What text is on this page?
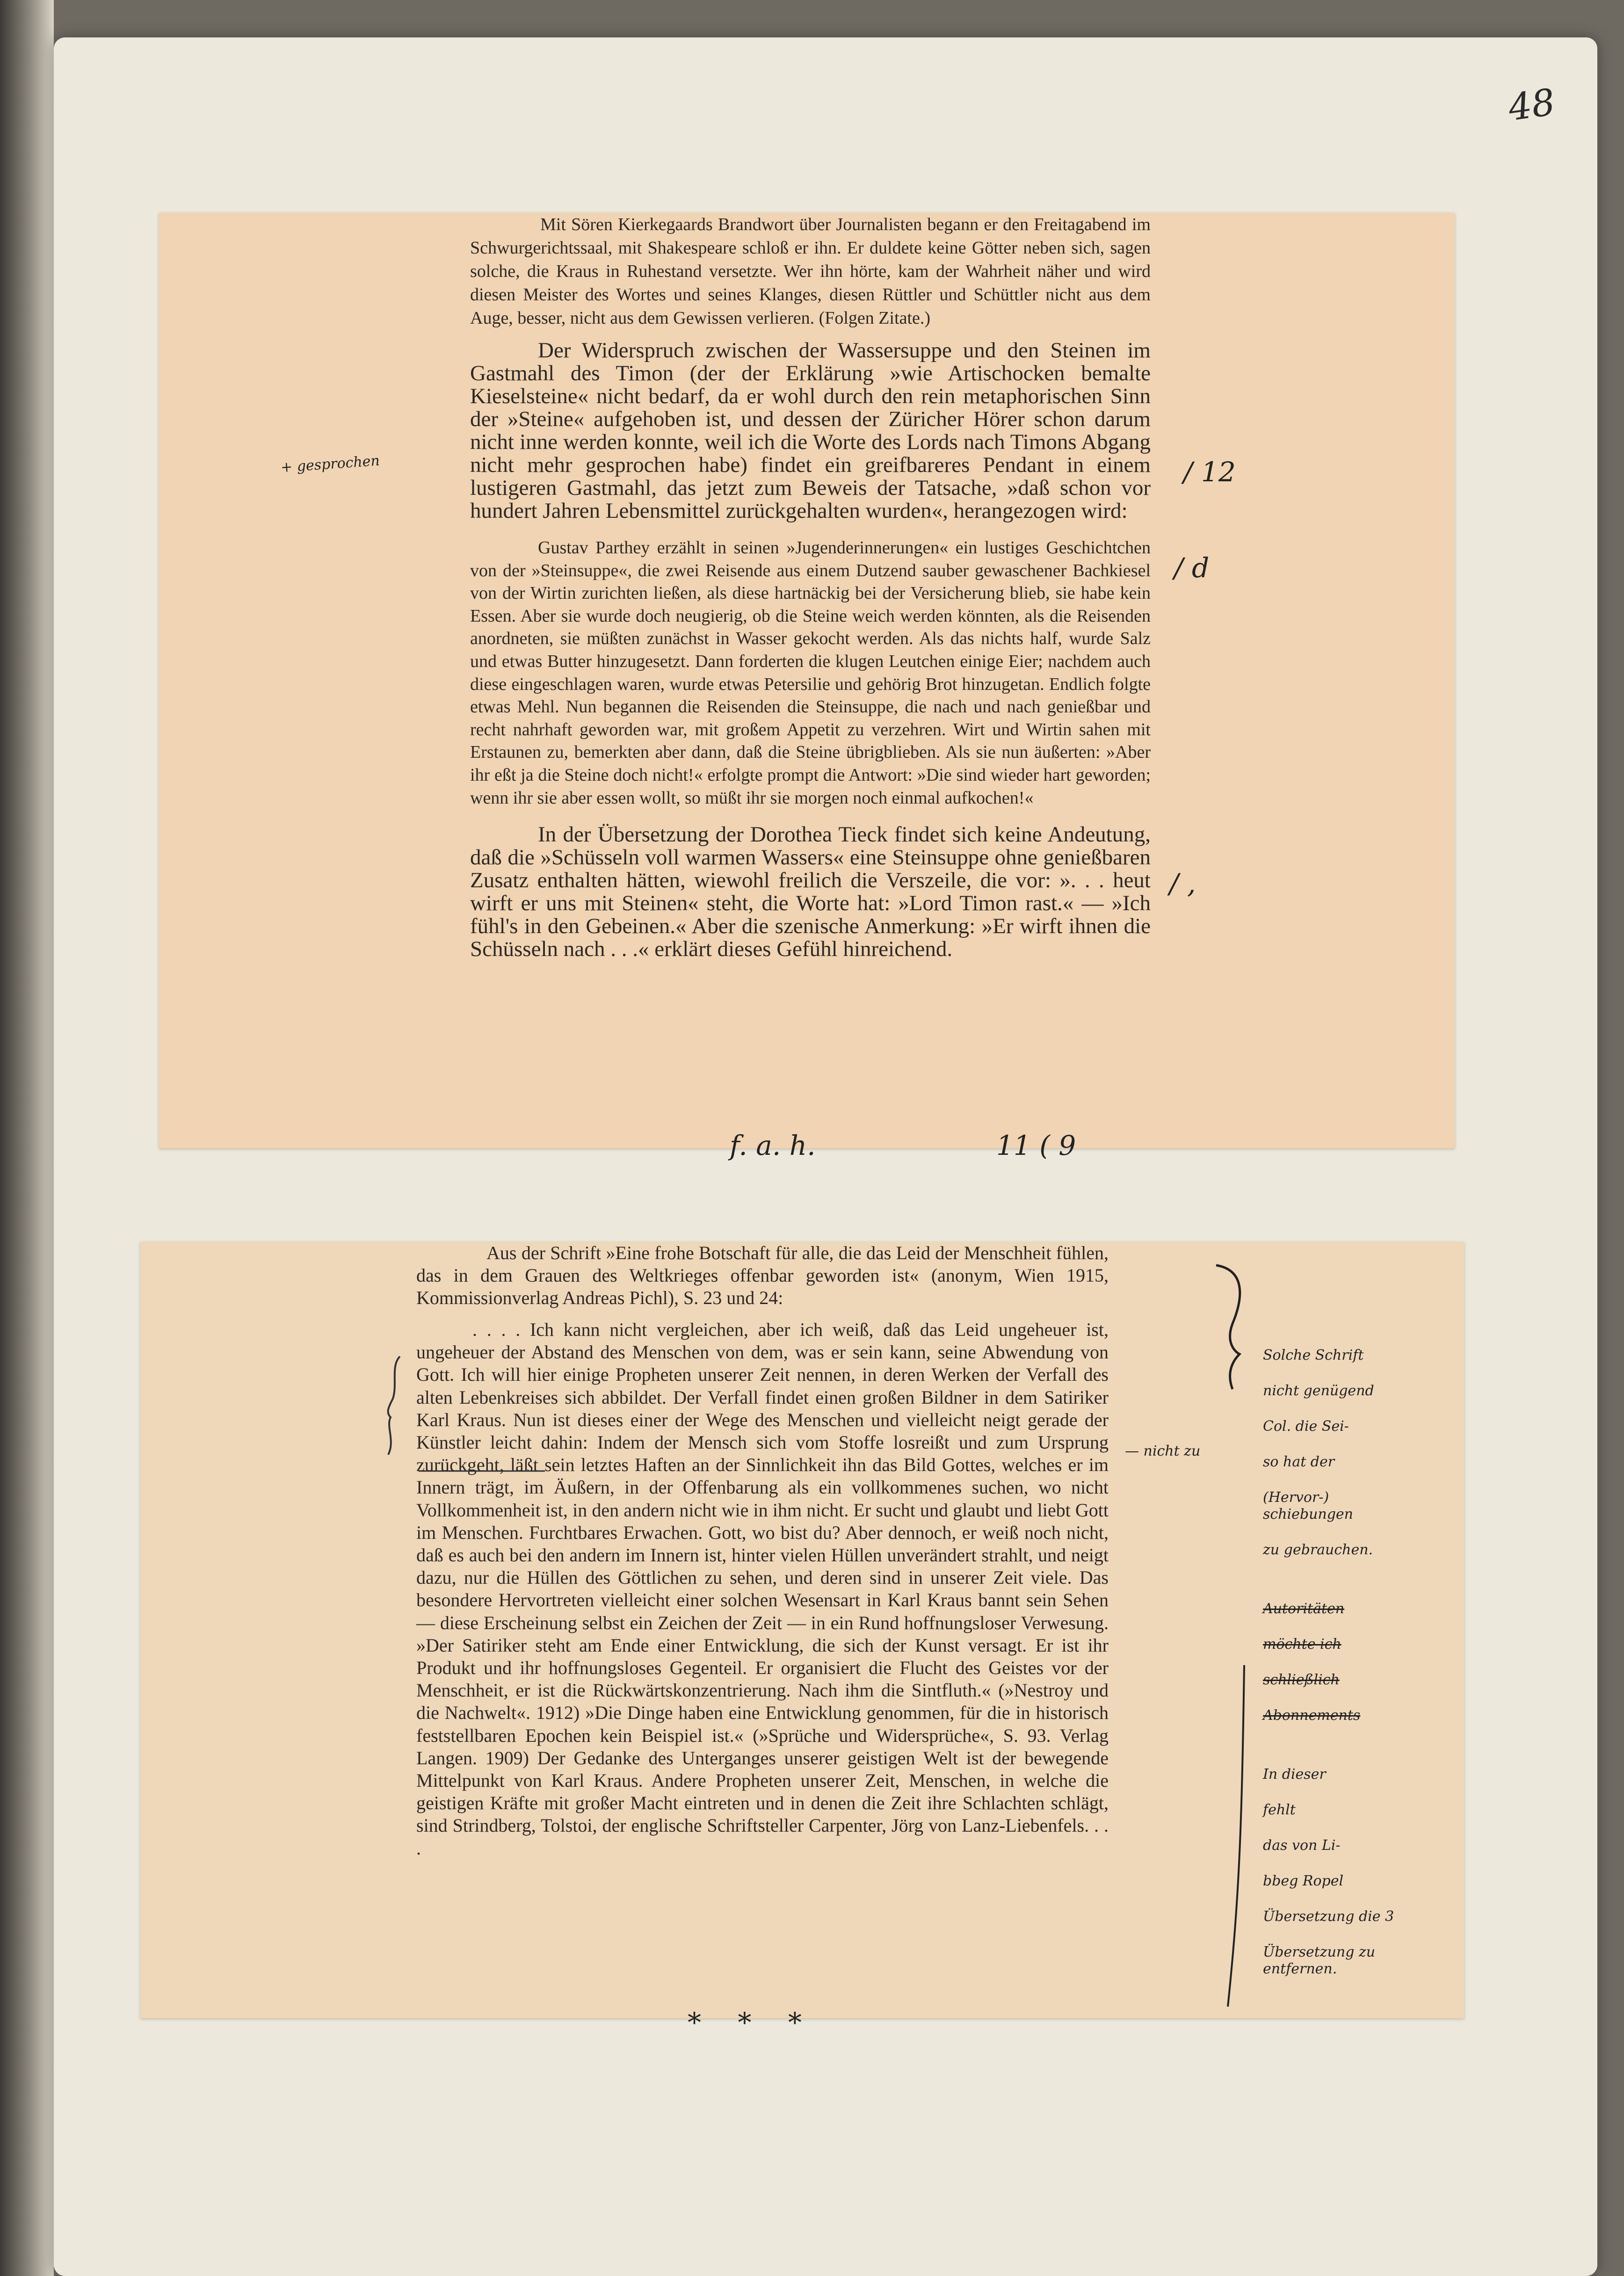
48

Mit Sören Kierkegaards Brandwort über Journalisten begann er den Freitagabend im Schwurgerichtssaal, mit Shakespeare schloß er ihn. Er duldete keine Götter neben sich, sagen solche, die Kraus in Ruhestand versetzte. Wer ihn hörte, kam der Wahrheit näher und wird diesen Meister des Wortes und seines Klanges, diesen Rüttler und Schüttler nicht aus dem Auge, besser, nicht aus dem Gewissen verlieren. (Folgen Zitate.)

Der Widerspruch zwischen der Wassersuppe und den Steinen im Gastmahl des Timon (der der Erklärung »wie Artischocken bemalte Kieselsteine« nicht bedarf, da er wohl durch den rein metaphorischen Sinn der »Steine« aufgehoben ist, und dessen der Züricher Hörer schon darum nicht inne werden konnte, weil ich die Worte des Lords nach Timons Abgang nicht mehr gesprochen habe) findet ein greifbareres Pendant in einem lustigeren Gastmahl, das jetzt zum Beweis der Tatsache, »daß schon vor hundert Jahren Lebensmittel zurückgehalten wurden«, herangezogen wird:

Gustav Parthey erzählt in seinen »Jugenderinnerungen« ein lustiges Geschichtchen von der »Steinsuppe«, die zwei Reisende aus einem Dutzend sauber gewaschener Bachkiesel von der Wirtin zurichten ließen, als diese hartnäckig bei der Versicherung blieb, sie habe kein Essen. Aber sie wurde doch neugierig, ob die Steine weich werden könnten, als die Reisenden anordneten, sie müßten zunächst in Wasser gekocht werden. Als das nichts half, wurde Salz und etwas Butter hinzugesetzt. Dann forderten die klugen Leutchen einige Eier; nachdem auch diese eingeschlagen waren, wurde etwas Petersilie und gehörig Brot hinzugetan. Endlich folgte etwas Mehl. Nun begannen die Reisenden die Steinsuppe, die nach und nach genießbar und recht nahrhaft geworden war, mit großem Appetit zu verzehren. Wirt und Wirtin sahen mit Erstaunen zu, bemerkten aber dann, daß die Steine übrigblieben. Als sie nun äußerten: »Aber ihr eßt ja die Steine doch nicht!« erfolgte prompt die Antwort: »Die sind wieder hart geworden; wenn ihr sie aber essen wollt, so müßt ihr sie morgen noch einmal aufkochen!«

In der Übersetzung der Dorothea Tieck findet sich keine Andeutung, daß die »Schüsseln voll warmen Wassers« eine Steinsuppe ohne genießbaren Zusatz enthalten hätten, wiewohl freilich die Verszeile, die vor: ». . . heut wirft er uns mit Steinen« steht, die Worte hat: »Lord Timon rast.« — »Ich fühl's in den Gebeinen.« Aber die szenische Anmerkung: »Er wirft ihnen die Schüsseln nach . . .« erklärt dieses Gefühl hinreichend.

Aus der Schrift »Eine frohe Botschaft für alle, die das Leid der Menschheit fühlen, das in dem Grauen des Weltkrieges offenbar geworden ist« (anonym, Wien 1915, Kommissionverlag Andreas Pichl), S. 23 und 24:

. . . . Ich kann nicht vergleichen, aber ich weiß, daß das Leid ungeheuer ist, ungeheuer der Abstand des Menschen von dem, was er sein kann, seine Abwendung von Gott. Ich will hier einige Propheten unserer Zeit nennen, in deren Werken der Verfall des alten Lebenkreises sich abbildet. Der Verfall findet einen großen Bildner in dem Satiriker Karl Kraus. Nun ist dieses einer der Wege des Menschen und vielleicht neigt gerade der Künstler leicht dahin: Indem der Mensch sich vom Stoffe losreißt und zum Ursprung zurückgeht, läßt sein letztes Haften an der Sinnlichkeit ihn das Bild Gottes, welches er im Innern trägt, im Äußern, in der Offenbarung als ein vollkommenes suchen, wo nicht Vollkommenheit ist, in den andern nicht wie in ihm nicht. Er sucht und glaubt und liebt Gott im Menschen. Furchtbares Erwachen. Gott, wo bist du? Aber dennoch, er weiß noch nicht, daß es auch bei den andern im Innern ist, hinter vielen Hüllen unverändert strahlt, und neigt dazu, nur die Hüllen des Göttlichen zu sehen, und deren sind in unserer Zeit viele. Das besondere Hervortreten vielleicht einer solchen Wesensart in Karl Kraus bannt sein Sehen — diese Erscheinung selbst ein Zeichen der Zeit — in ein Rund hoffnungsloser Verwesung. »Der Satiriker steht am Ende einer Entwicklung, die sich der Kunst versagt. Er ist ihr Produkt und ihr hoffnungsloses Gegenteil. Er organisiert die Flucht des Geistes vor der Menschheit, er ist die Rückwärtskonzentrierung. Nach ihm die Sintfluth.« (»Nestroy und die Nachwelt«. 1912) »Die Dinge haben eine Entwicklung genommen, für die in historisch feststellbaren Epochen kein Beispiel ist.« (»Sprüche und Widersprüche«, S. 93. Verlag Langen. 1909) Der Gedanke des Unterganges unserer geistigen Welt ist der bewegende Mittelpunkt von Karl Kraus. Andere Propheten unserer Zeit, Menschen, in welche die geistigen Kräfte mit großer Macht eintreten und in denen die Zeit ihre Schlachten schlägt, sind Strindberg, Tolstoi, der englische Schriftsteller Carpenter, Jörg von Lanz-Liebenfels. . . .

+ gesprochen	/ 12
/ d
/ ,
f. a. h.	11 ( 9
— nicht zu
* * *
Solche Schrift
nicht genügend
Col. die Sei-
so hat der
(Hervor-) schiebungen
zu gebrauchen.
Autoritäten
möchte ich
schließlich
Abonnements
In dieser
fehlt
das von Li-
bbeg Ropel
Übersetzung die 3
Übersetzung zu entfernen.
